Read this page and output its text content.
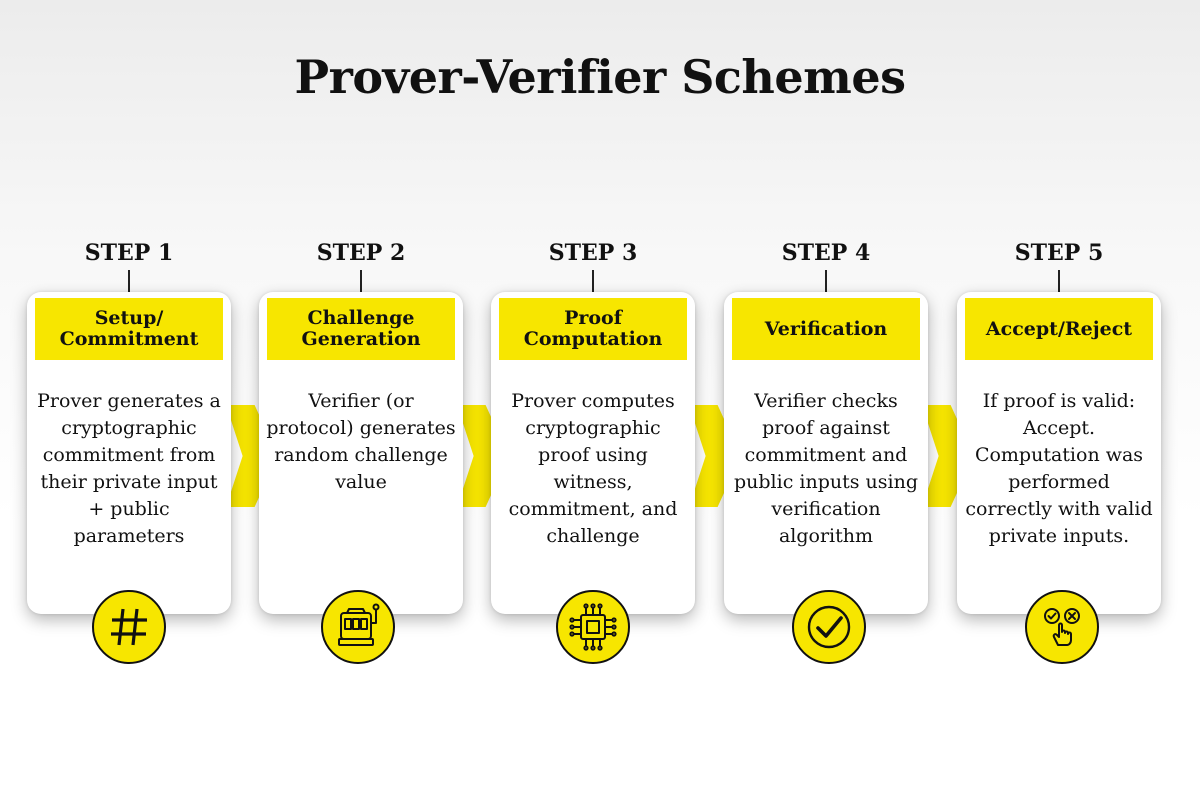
Prover-Verifier Schemes
STEP 1
Setup/
Commitment
Prover generates a cryptographic commitment from their private input + public parameters
STEP 2
Challenge
Generation
Verifier (or protocol) generates random challenge value
STEP 3
Proof
Computation
Prover computes cryptographic proof using witness, commitment, and challenge
STEP 4
Verification
Verifier checks proof against commitment and public inputs using verification algorithm
STEP 5
Accept/Reject
If proof is valid: Accept. Computation was performed correctly with valid private inputs.
